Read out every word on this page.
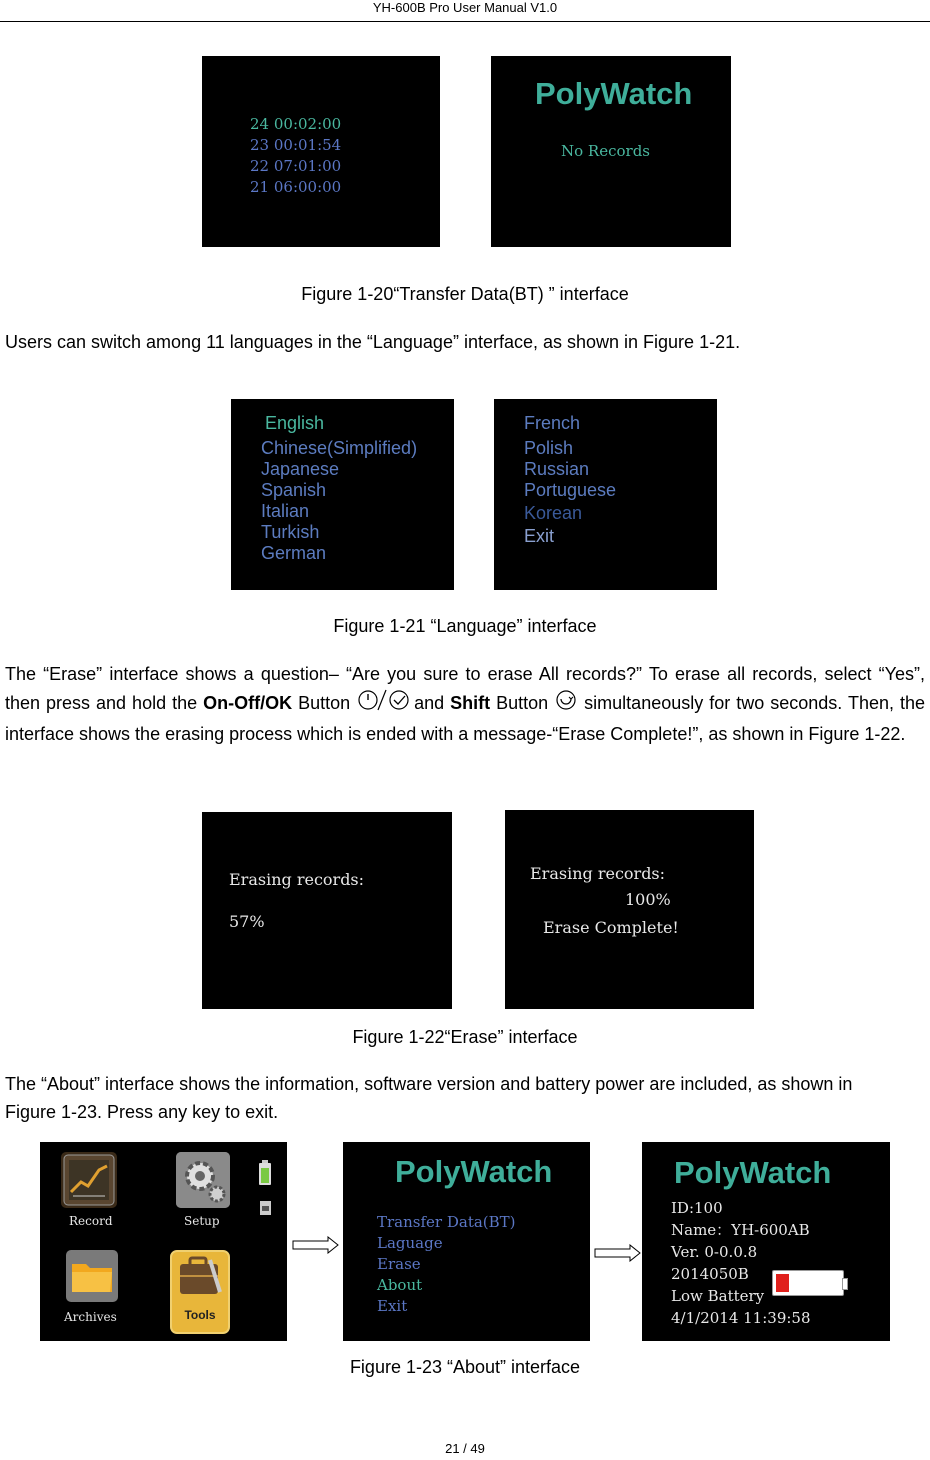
YH-600B Pro User Manual V1.0
24 00:02:00
23 00:01:54
22 07:01:00
21 06:00:00
PolyWatch
No Records
Figure 1-20“Transfer Data(BT) ” interface
Users can switch among 11 languages in the “Language” interface, as shown in Figure 1-21.
English
Chinese(Simplified)
Japanese
Spanish
Italian
Turkish
German
French
Polish
Russian
Portuguese
Korean
Exit
Figure 1-21 “Language” interface
The “Erase” interface shows a question– “Are you sure to erase All records?” To erase all records, select “Yes”, then press and hold the On-Off/OK Button	and Shift Button  simultaneously for two seconds. Then, the interface shows the erasing process which is ended with a message-“Erase Complete!”, as shown in Figure 1-22.
Erasing records:
57%
Erasing records:
100%
Erase Complete!
Figure 1-22“Erase” interface
The “About” interface shows the information, software version and battery power are included, as shown in Figure 1-23. Press any key to exit.
Record	Setup
Archives	Tools
PolyWatch
Transfer Data(BT)
Laguage
Erase
About
Exit
PolyWatch
ID:100
Name：YH-600AB
Ver. 0-0.0.8
2014050B
Low Battery
4/1/2014 11:39:58
Figure 1-23 “About” interface
21 / 49
